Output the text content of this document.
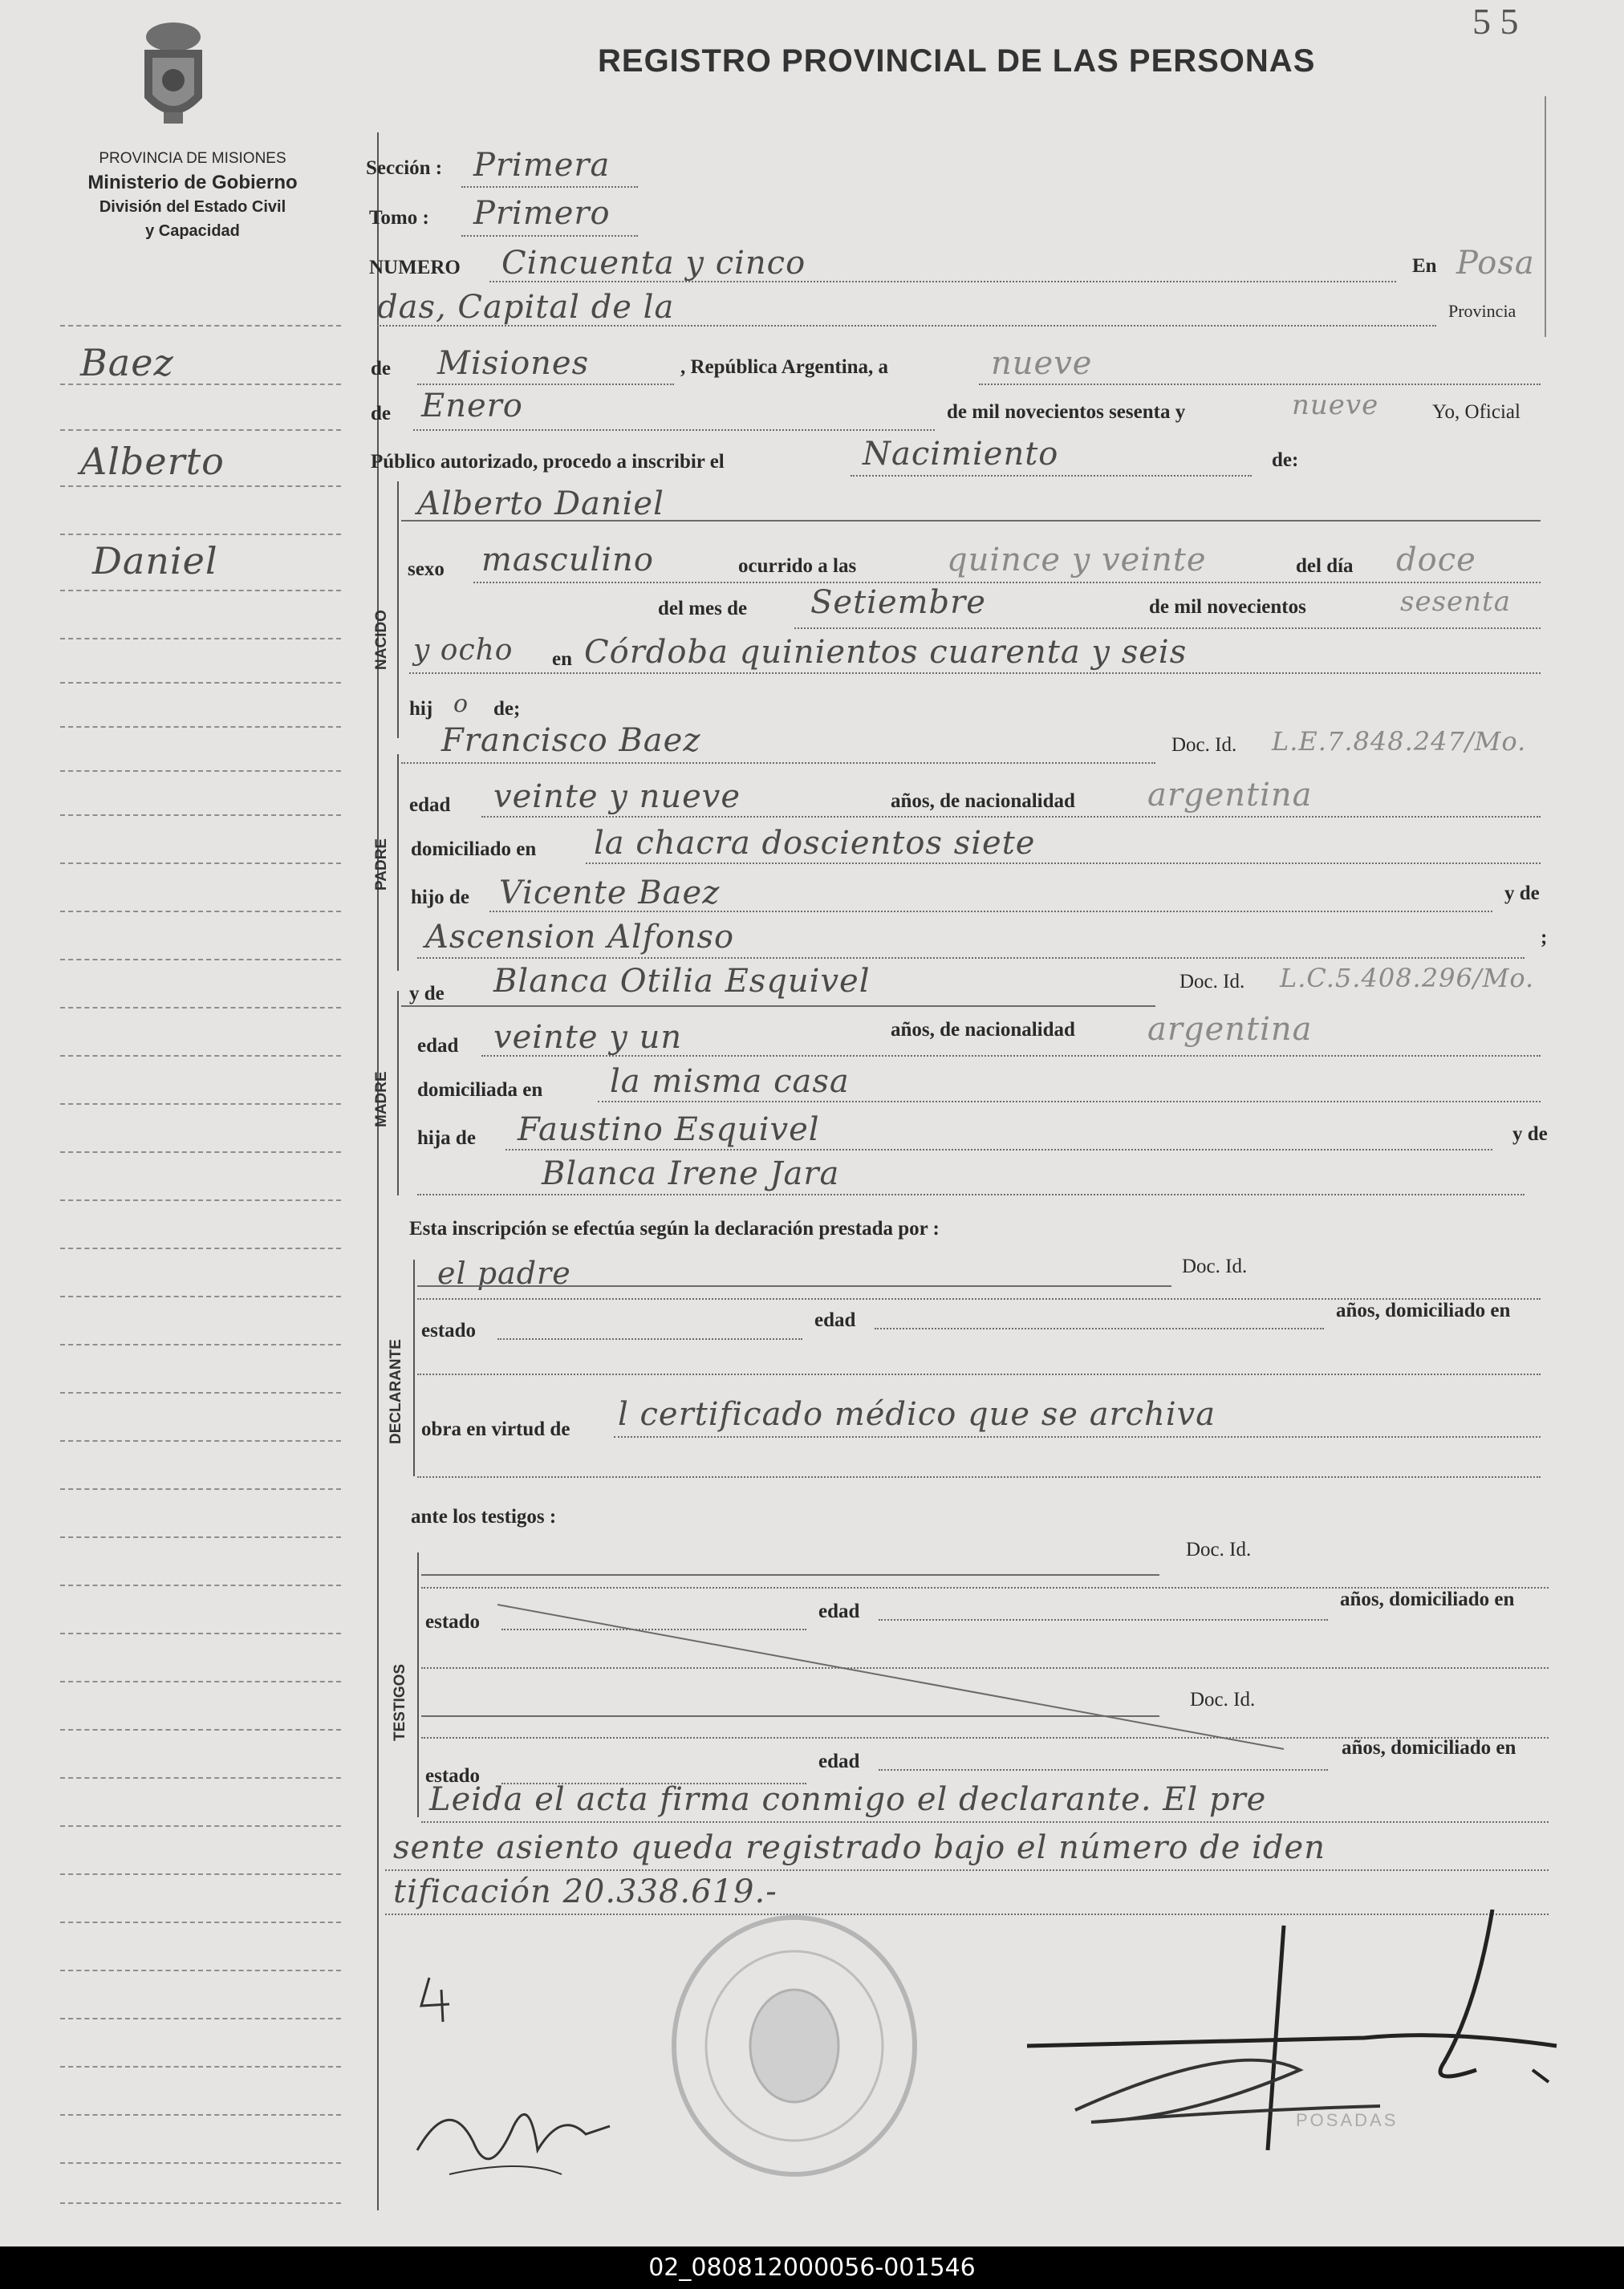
5 5
PROVINCIA DE MISIONES
Ministerio de Gobierno
División del Estado Civil
y Capacidad
REGISTRO PROVINCIAL DE LAS PERSONAS
Baez
Alberto
Daniel
Sección : Primera
Tomo : Primero
NUMERO Cincuenta y cinco	En Posa
das, Capital de la	Provincia
de Misiones	, República Argentina, a	nueve
de Enero	de mil novecientos sesenta y	nueve	Yo, Oficial
Público autorizado, procedo a inscribir el	Nacimiento	de:
NACIDO
Alberto Daniel
sexo masculino	ocurrido a las	quince y veinte	del día doce
del mes de Setiembre	de mil novecientos	sesenta
y ocho en Córdoba quinientos cuarenta y seis
hij o de;
PADRE
Francisco Baez	Doc. Id. L.E.7.848.247/Mo.
edad veinte y nueve	años, de nacionalidad argentina
domiciliado en la chacra doscientos siete
hijo de Vicente Baez	y de
Ascension Alfonso	;
MADRE
y de Blanca Otilia Esquivel	Doc. Id. L.C.5.408.296/Mo.
edad veinte y un	años, de nacionalidad argentina
domiciliada en la misma casa
hija de Faustino Esquivel	y de
Blanca Irene Jara
Esta inscripción se efectúa según la declaración prestada por :
DECLARANTE
el padre	Doc. Id.
estado	edad	años, domiciliado en
obra en virtud de l certificado médico que se archiva
ante los testigos :
TESTIGOS
Doc. Id.
estado	edad
años, domiciliado en
Doc. Id.
estado
edad
años, domiciliado en
Leida el acta firma conmigo el declarante. El pre
sente asiento queda registrado bajo el número de iden
tificación 20.338.619.-
POSADAS
02_080812000056-001546
